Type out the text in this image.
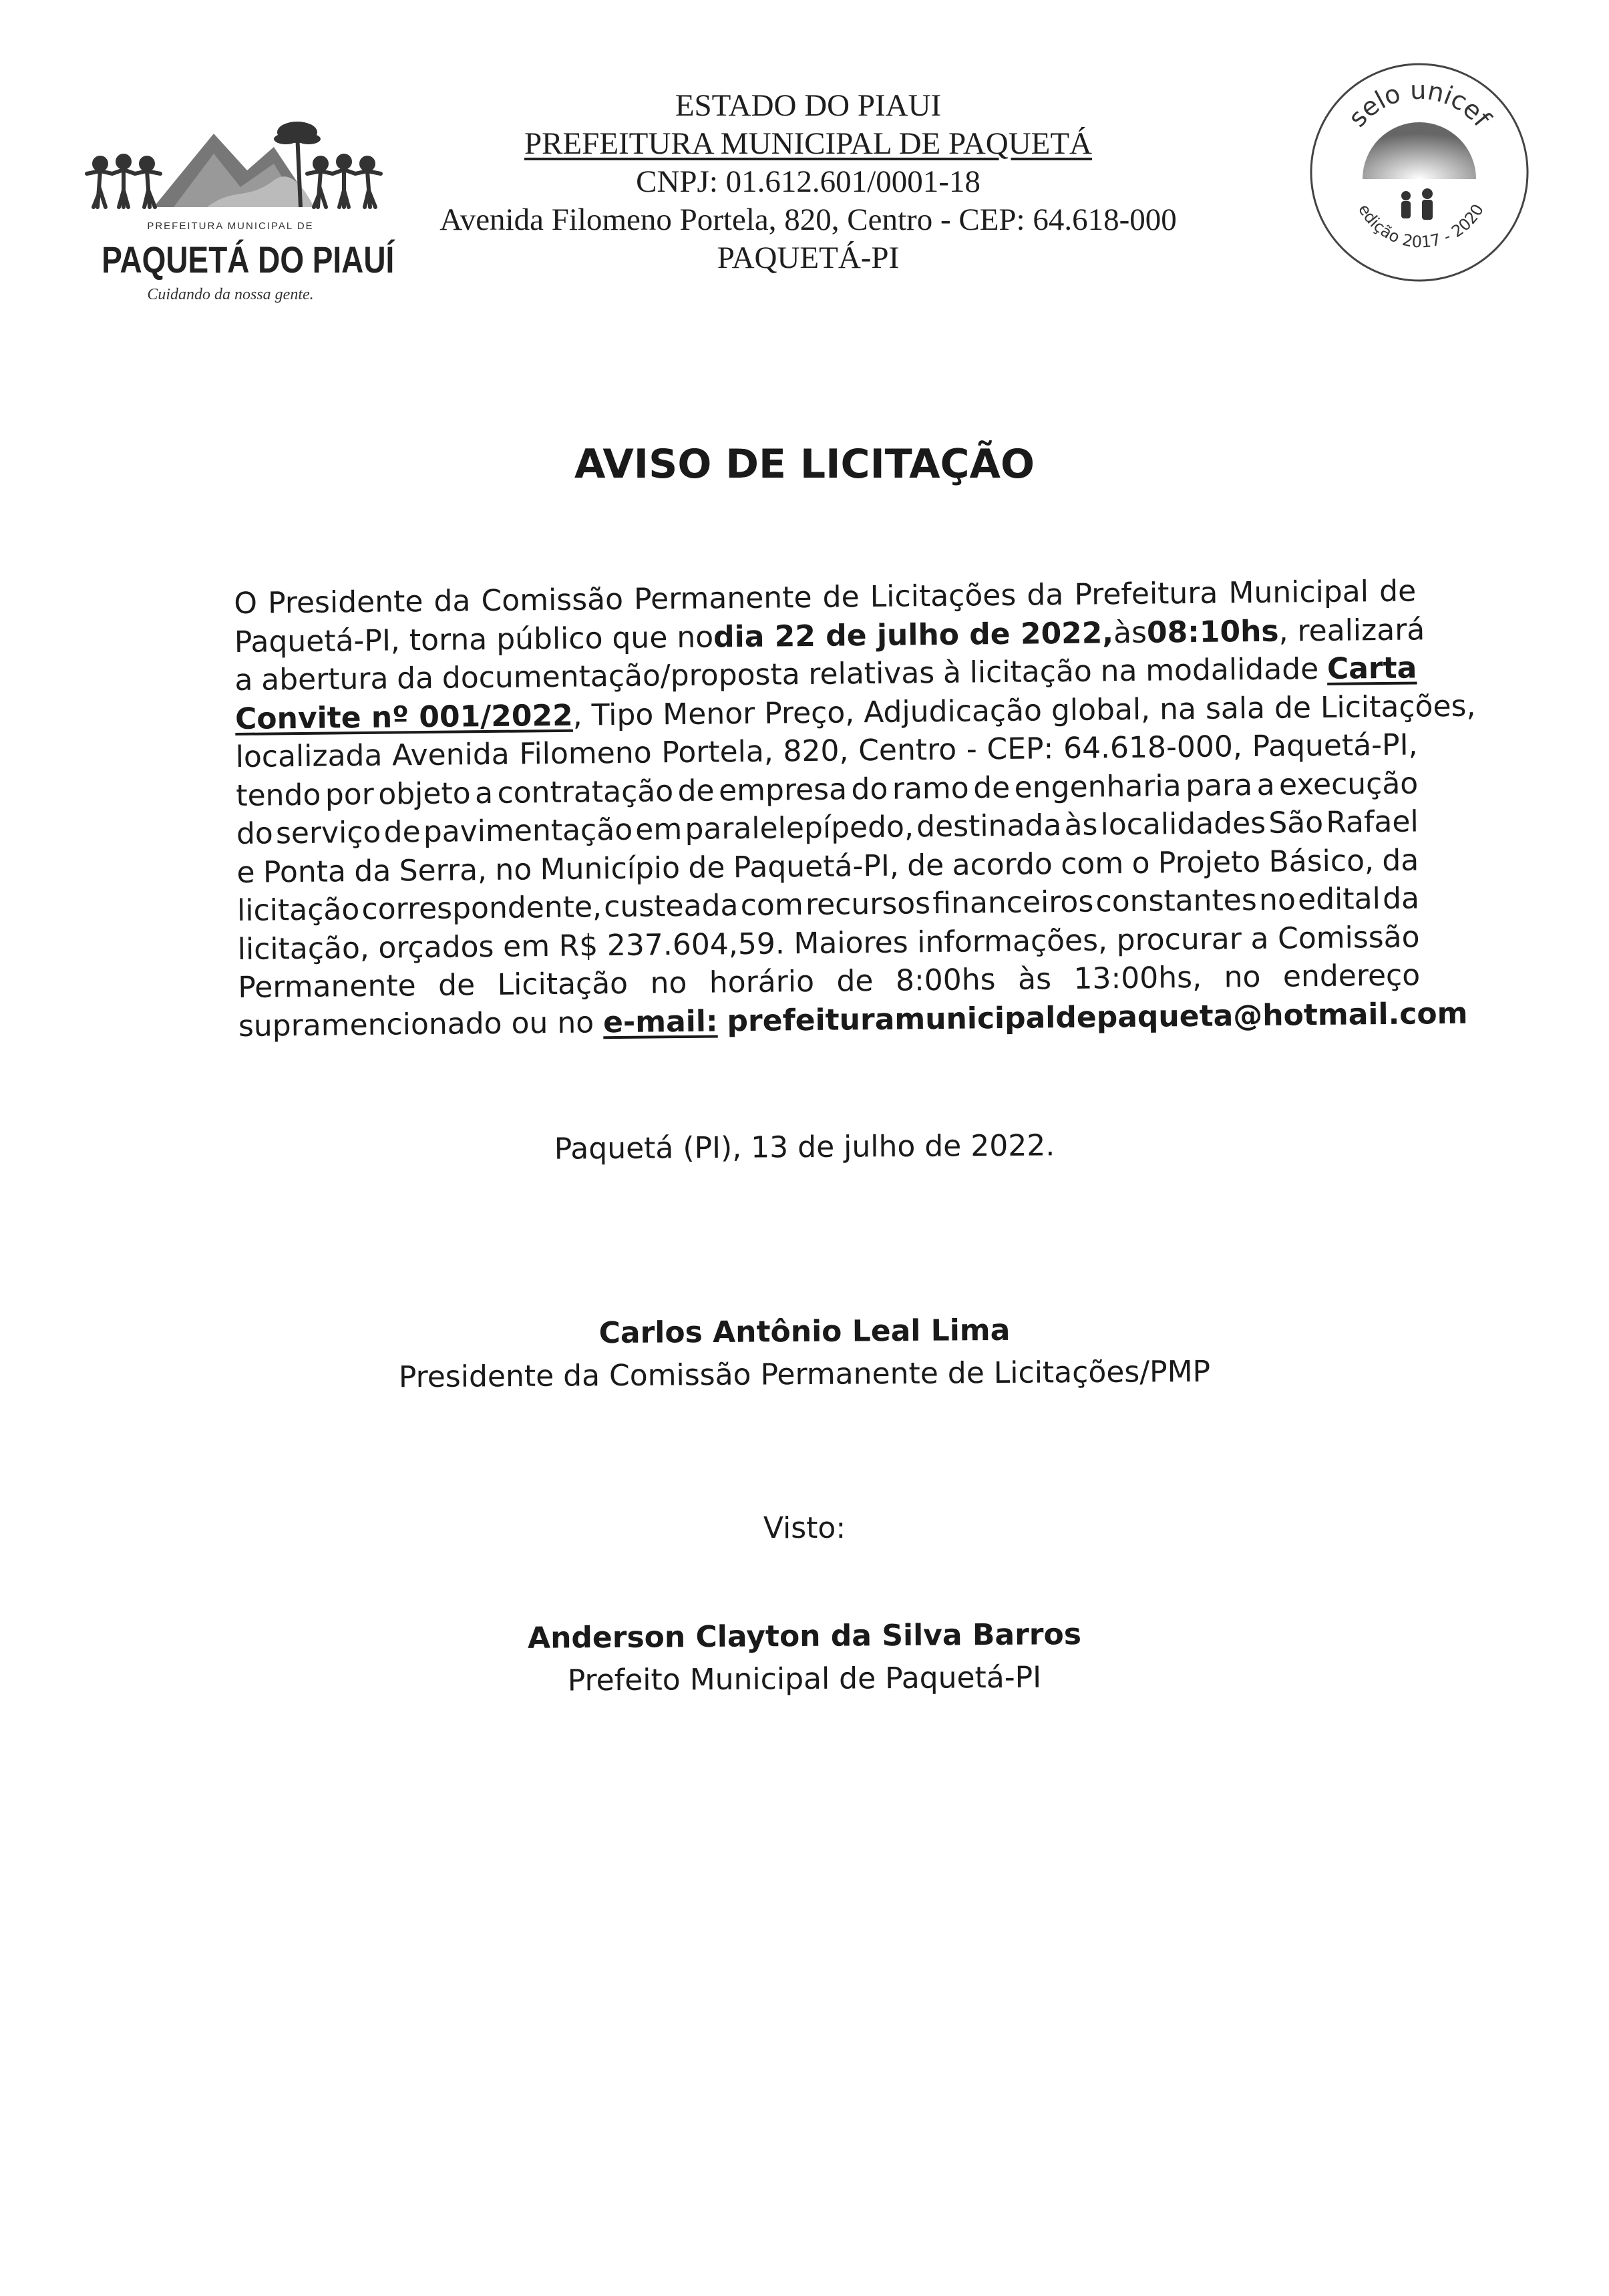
PREFEITURA MUNICIPAL DE
PAQUETÁ DO PIAUÍ
Cuidando da nossa gente.
ESTADO DO PIAUI
PREFEITURA MUNICIPAL DE PAQUETÁ
CNPJ: 01.612.601/0001-18
Avenida Filomeno Portela, 820, Centro - CEP: 64.618-000
PAQUETÁ-PI
selo unicef
edição 2017 - 2020
AVISO DE LICITAÇÃO
O Presidente da Comissão Permanente de Licitações da Prefeitura Municipal de
Paquetá-PI, torna público que no dia 22 de julho de 2022, às 08:10hs, realizará
a abertura da documentação/proposta relativas à licitação na modalidade Carta
Convite nº 001/2022, Tipo Menor Preço, Adjudicação global, na sala de Licitações,
localizada Avenida Filomeno Portela, 820, Centro - CEP: 64.618-000, Paquetá-PI,
tendo por objeto a contratação de empresa do ramo de engenharia para a execução
do serviço de pavimentação em paralelepípedo, destinada às localidades São Rafael
e Ponta da Serra, no Município de Paquetá-PI, de acordo com o Projeto Básico, da
licitação correspondente, custeada com recursos financeiros constantes no edital da
licitação, orçados em R$ 237.604,59. Maiores informações, procurar a Comissão
Permanente de Licitação no horário de 8:00hs às 13:00hs, no endereço
supramencionado ou no e-mail: prefeituramunicipaldepaqueta@hotmail.com
Paquetá (PI), 13 de julho de 2022.
Carlos Antônio Leal Lima
Presidente da Comissão Permanente de Licitações/PMP
Visto:
Anderson Clayton da Silva Barros
Prefeito Municipal de Paquetá-PI
